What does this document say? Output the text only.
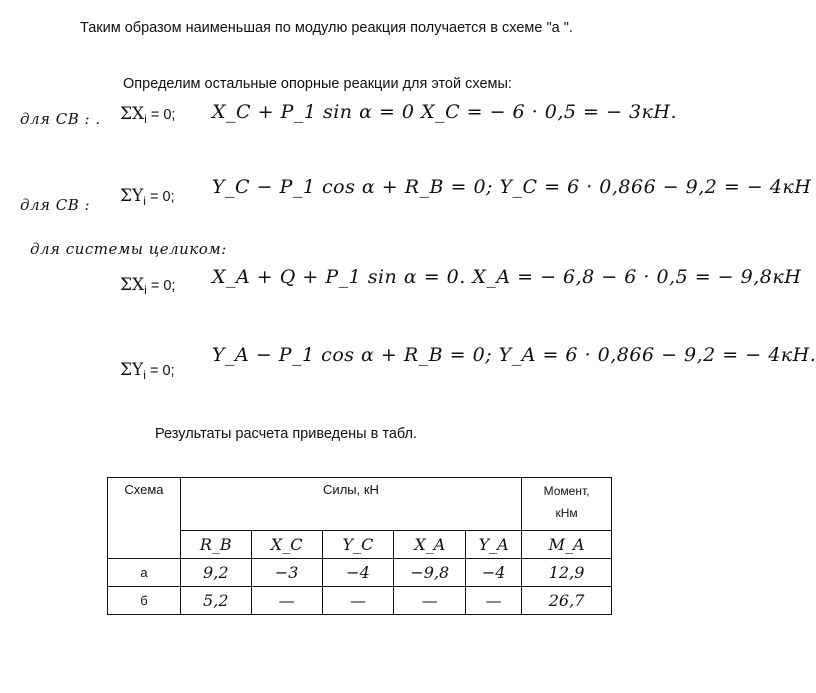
Таким образом наименьшая по модулю реакция получается в схеме "а ".
Определим остальные опорные реакции для этой схемы:
для СВ : . $\Sigma X_i = 0$; X_C + P_1 sin α = 0 X_C = − 6 · 0,5 = − 3кН.
для СВ : $\Sigma Y_i = 0$; Y_C − P_1 cos α + R_B = 0; Y_C = 6 · 0,866 − 9,2 = − 4кН
для системы целиком:
$\Sigma X_i = 0$; X_A + Q + P_1 sin α = 0. X_A = − 6,8 − 6 · 0,5 = − 9,8кН
$\Sigma Y_i = 0$;
Y_A − P_1 cos α + R_B = 0; Y_A = 6 · 0,866 − 9,2 = − 4кН.
Результаты расчета приведены в табл.
Схема	Силы, кН					Момент,
кНм

	R_B	X_C	Y_C	X_A	Y_A	M_A
а	9,2	−3	−4	−9,8	−4	12,9
б	5,2	—	—	—	—	26,7
